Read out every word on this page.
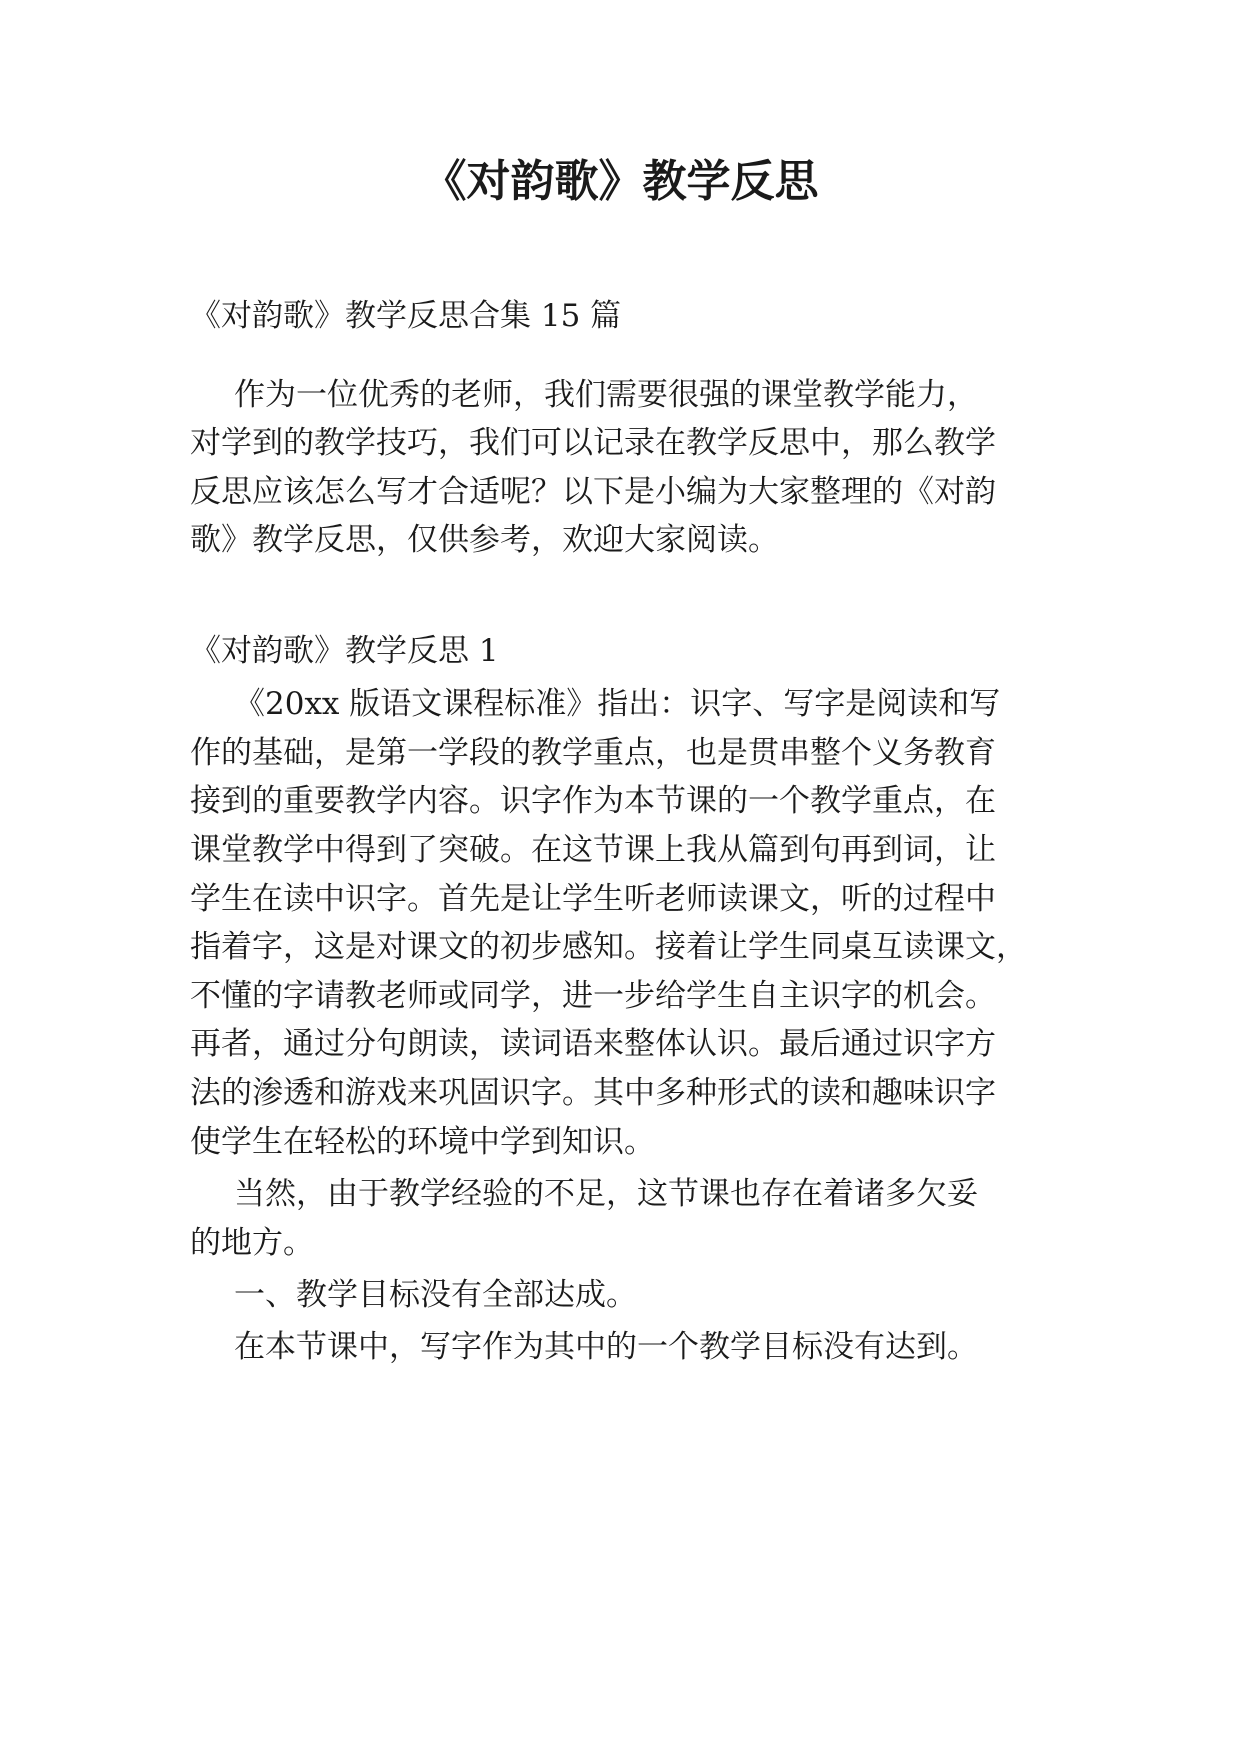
《对韵歌》教学反思

《对韵歌》教学反思合集 15 篇

作为一位优秀的老师，我们需要很强的课堂教学能力，

对学到的教学技巧，我们可以记录在教学反思中，那么教学

反思应该怎么写才合适呢？以下是小编为大家整理的《对韵

歌》教学反思，仅供参考，欢迎大家阅读。

《对韵歌》教学反思 1

《20xx 版语文课程标准》指出：识字、写字是阅读和写

作的基础，是第一学段的教学重点，也是贯串整个义务教育

接到的重要教学内容。识字作为本节课的一个教学重点，在

课堂教学中得到了突破。在这节课上我从篇到句再到词，让

学生在读中识字。首先是让学生听老师读课文，听的过程中

指着字，这是对课文的初步感知。接着让学生同桌互读课文，

不懂的字请教老师或同学，进一步给学生自主识字的机会。

再者，通过分句朗读，读词语来整体认识。最后通过识字方

法的渗透和游戏来巩固识字。其中多种形式的读和趣味识字

使学生在轻松的环境中学到知识。

当然，由于教学经验的不足，这节课也存在着诸多欠妥

的地方。

一、教学目标没有全部达成。

在本节课中，写字作为其中的一个教学目标没有达到。
